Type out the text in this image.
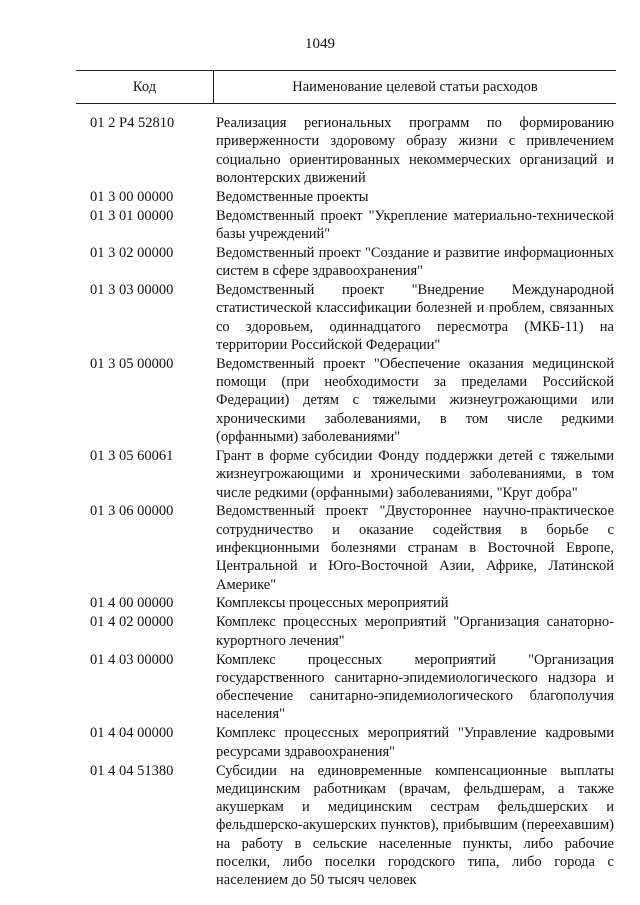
1049
Код	Наименование целевой статьи расходов
01 2 Р4 52810	Реализация региональных программ по формированию приверженности здоровому образу жизни с привлечением социально ориентированных некоммерческих организаций и волонтерских движений
01 3 00 00000	Ведомственные проекты
01 3 01 00000	Ведомственный проект "Укрепление материально-технической базы учреждений"
01 3 02 00000	Ведомственный проект "Создание и развитие информационных систем в сфере здравоохранения"
01 3 03 00000	Ведомственный проект "Внедрение Международной статистической классификации болезней и проблем, связанных со здоровьем, одиннадцатого пересмотра (МКБ-11) на территории Российской Федерации"
01 3 05 00000	Ведомственный проект "Обеспечение оказания медицинской помощи (при необходимости за пределами Российской Федерации) детям с тяжелыми жизнеугрожающими или хроническими заболеваниями, в том числе редкими (орфанными) заболеваниями"
01 3 05 60061	Грант в форме субсидии Фонду поддержки детей с тяжелыми жизнеугрожающими и хроническими заболеваниями, в том числе редкими (орфанными) заболеваниями, "Круг добра"
01 3 06 00000	Ведомственный проект "Двустороннее научно-практическое сотрудничество и оказание содействия в борьбе с инфекционными болезнями странам в Восточной Европе, Центральной и Юго-Восточной Азии, Африке, Латинской Америке"
01 4 00 00000	Комплексы процессных мероприятий
01 4 02 00000	Комплекс процессных мероприятий "Организация санаторно-курортного лечения"
01 4 03 00000	Комплекс процессных мероприятий "Организация государственного санитарно-эпидемиологического надзора и обеспечение санитарно-эпидемиологического благополучия населения"
01 4 04 00000	Комплекс процессных мероприятий "Управление кадровыми ресурсами здравоохранения"
01 4 04 51380	Субсидии на единовременные компенсационные выплаты медицинским работникам (врачам, фельдшерам, а также акушеркам и медицинским сестрам фельдшерских и фельдшерско-акушерских пунктов), прибывшим (переехавшим) на работу в сельские населенные пункты, либо рабочие поселки, либо поселки городского типа, либо города с населением до 50 тысяч человек
